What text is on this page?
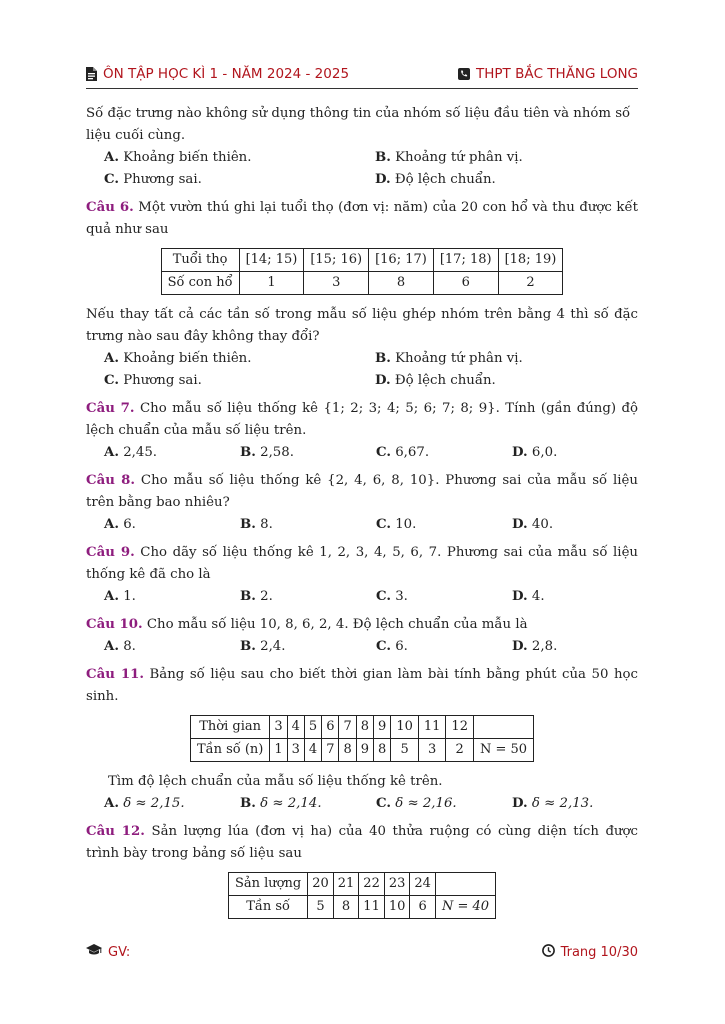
ÔN TẬP HỌC KÌ 1 - NĂM 2024 - 2025	THPT BẮC THĂNG LONG

Số đặc trưng nào không sử dụng thông tin của nhóm số liệu đầu tiên và nhóm số liệu cuối cùng.

A. Khoảng biến thiên.	B. Khoảng tứ phân vị.
C. Phương sai.	D. Độ lệch chuẩn.

Câu 6. Một vườn thú ghi lại tuổi thọ (đơn vị: năm) của 20 con hổ và thu được kết quả như sau

Tuổi thọ	[14; 15)	[15; 16)	[16; 17)	[17; 18)	[18; 19)
Số con hổ	1	3	8	6	2

Nếu thay tất cả các tần số trong mẫu số liệu ghép nhóm trên bằng 4 thì số đặc trưng nào sau đây không thay đổi?

A. Khoảng biến thiên.	B. Khoảng tứ phân vị.
C. Phương sai.	D. Độ lệch chuẩn.

Câu 7. Cho mẫu số liệu thống kê {1; 2; 3; 4; 5; 6; 7; 8; 9}. Tính (gần đúng) độ lệch chuẩn của mẫu số liệu trên.

A. 2,45.	B. 2,58.	C. 6,67.	D. 6,0.

Câu 8. Cho mẫu số liệu thống kê {2, 4, 6, 8, 10}. Phương sai của mẫu số liệu trên bằng bao nhiêu?

A. 6.	B. 8.	C. 10.	D. 40.

Câu 9. Cho dãy số liệu thống kê 1, 2, 3, 4, 5, 6, 7. Phương sai của mẫu số liệu thống kê đã cho là

A. 1.	B. 2.	C. 3.	D. 4.

Câu 10. Cho mẫu số liệu 10, 8, 6, 2, 4. Độ lệch chuẩn của mẫu là

A. 8.	B. 2,4.	C. 6.	D. 2,8.

Câu 11. Bảng số liệu sau cho biết thời gian làm bài tính bằng phút của 50 học sinh.

Thời gian	3	4	5	6	7	8	9	10	11	12	
Tần số (n)	1	3	4	7	8	9	8	5	3	2	N = 50

Tìm độ lệch chuẩn của mẫu số liệu thống kê trên.

A. δ ≈ 2,15.	B. δ ≈ 2,14.	C. δ ≈ 2,16.	D. δ ≈ 2,13.

Câu 12. Sản lượng lúa (đơn vị ha) của 40 thửa ruộng có cùng diện tích được trình bày trong bảng số liệu sau

Sản lượng	20	21	22	23	24	
Tần số	5	8	11	10	6	N = 40
GV:	Trang 10/30
